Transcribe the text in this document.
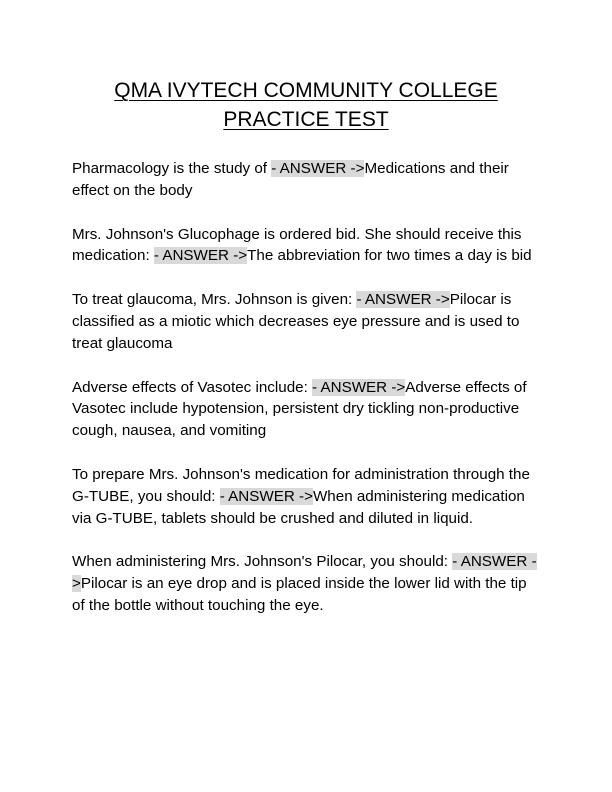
QMA IVYTECH COMMUNITY COLLEGE PRACTICE TEST

Pharmacology is the study of - ANSWER ->Medications and their effect on the body

Mrs. Johnson's Glucophage is ordered bid. She should receive this medication: - ANSWER ->The abbreviation for two times a day is bid

To treat glaucoma, Mrs. Johnson is given: - ANSWER ->Pilocar is classified as a miotic which decreases eye pressure and is used to treat glaucoma

Adverse effects of Vasotec include: - ANSWER ->Adverse effects of Vasotec include hypotension, persistent dry tickling non-productive cough, nausea, and vomiting

To prepare Mrs. Johnson's medication for administration through the G-TUBE, you should: - ANSWER ->When administering medication via G-TUBE, tablets should be crushed and diluted in liquid.

When administering Mrs. Johnson's Pilocar, you should: - ANSWER ->Pilocar is an eye drop and is placed inside the lower lid with the tip of the bottle without touching the eye.
